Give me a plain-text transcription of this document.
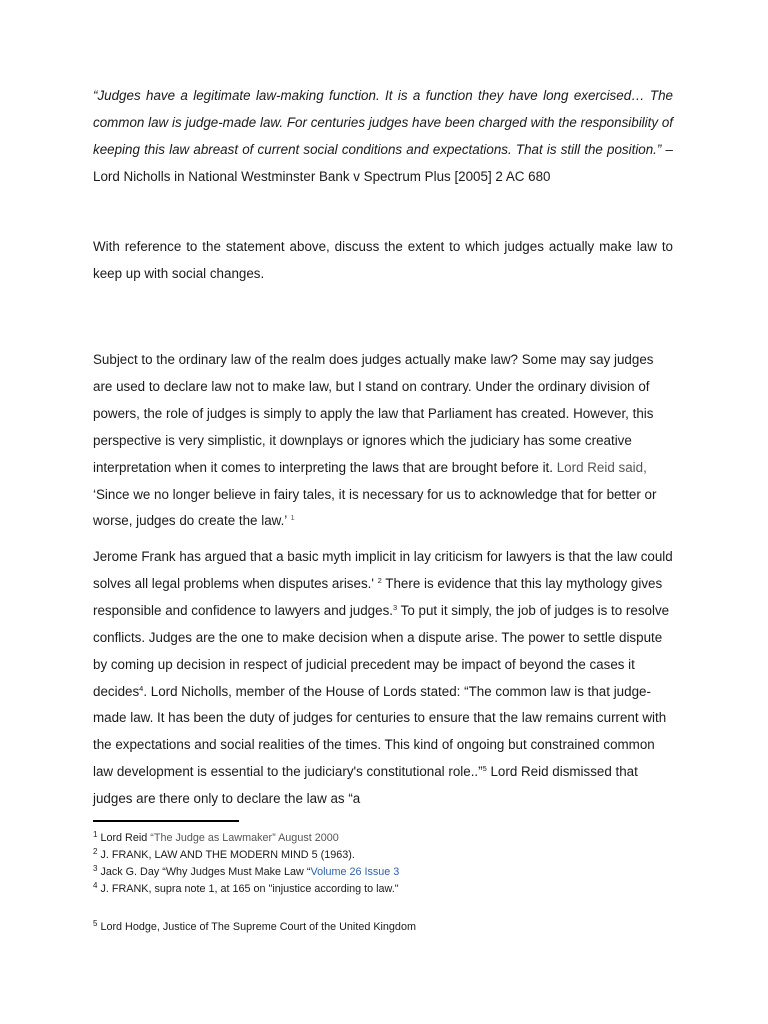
“Judges have a legitimate law-making function. It is a function they have long exercised… The common law is judge-made law. For centuries judges have been charged with the responsibility of keeping this law abreast of current social conditions and expectations. That is still the position.” – Lord Nicholls in National Westminster Bank v Spectrum Plus [2005] 2 AC 680

With reference to the statement above, discuss the extent to which judges actually make law to keep up with social changes.

Subject to the ordinary law of the realm does judges actually make law? Some may say judges are used to declare law not to make law, but I stand on contrary. Under the ordinary division of powers, the role of judges is simply to apply the law that Parliament has created. However, this perspective is very simplistic, it downplays or ignores which the judiciary has some creative interpretation when it comes to interpreting the laws that are brought before it. Lord Reid said, ‘Since we no longer believe in fairy tales, it is necessary for us to acknowledge that for better or worse, judges do create the law.’ $^1$

Jerome Frank has argued that a basic myth implicit in lay criticism for lawyers is that the law could solves all legal problems when disputes arises.' $^2$ There is evidence that this lay mythology gives responsible and confidence to lawyers and judges.$^3$ To put it simply, the job of judges is to resolve conflicts. Judges are the one to make decision when a dispute arise. The power to settle dispute by coming up decision in respect of judicial precedent may be impact of beyond the cases it decides$^4$. Lord Nicholls, member of the House of Lords stated: “The common law is that judge-made law. It has been the duty of judges for centuries to ensure that the law remains current with the expectations and social realities of the times. This kind of ongoing but constrained common law development is essential to the judiciary's constitutional role..”$^5$ Lord Reid dismissed that judges are there only to declare the law as “a

$^1$ Lord Reid “The Judge as Lawmaker” August 2000
$^2$ J. FRANK, LAW AND THE MODERN MIND 5 (1963).
$^3$ Jack G. Day “Why Judges Must Make Law “Volume 26 Issue 3
$^4$ J. FRANK, supra note 1, at 165 on "injustice according to law."
$^5$ Lord Hodge, Justice of The Supreme Court of the United Kingdom
